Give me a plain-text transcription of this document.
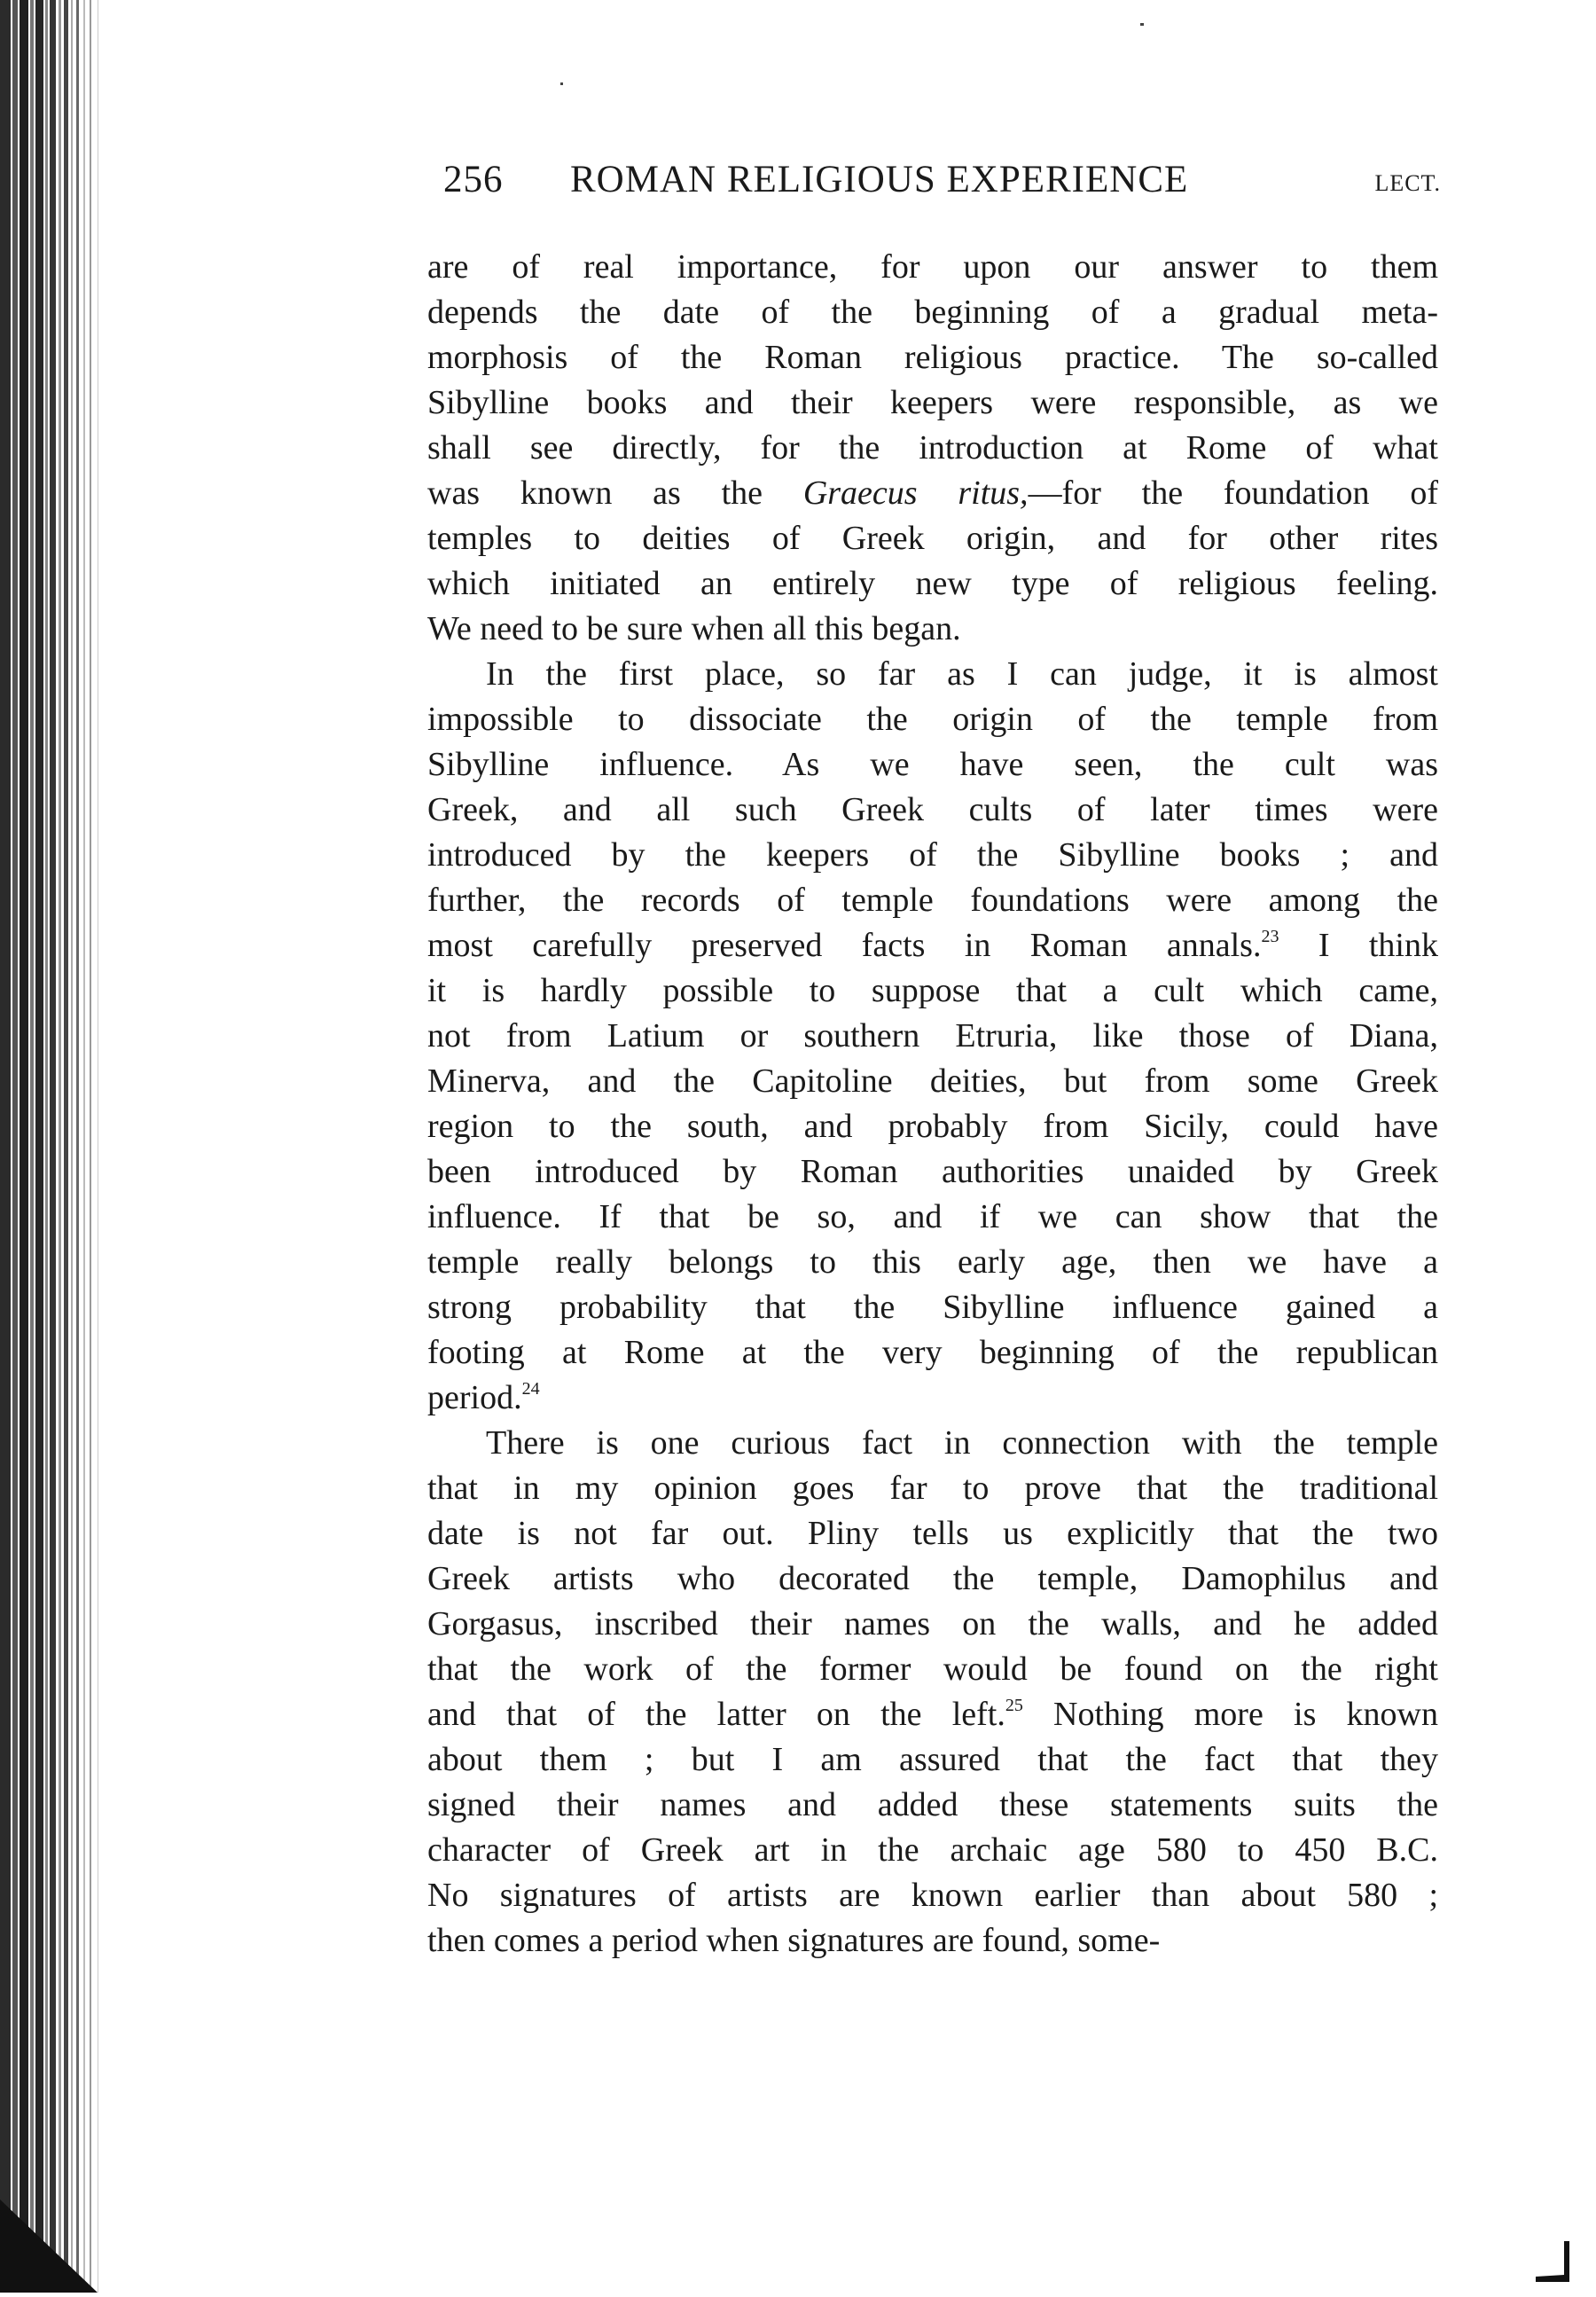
256 ROMAN RELIGIOUS EXPERIENCE	LECT.
are of real importance, for upon our answer to them
depends the date of the beginning of a gradual meta-
morphosis of the Roman religious practice. The so-called
Sibylline books and their keepers were responsible, as we
shall see directly, for the introduction at Rome of what
was known as the Graecus ritus,—for the foundation of
temples to deities of Greek origin, and for other rites
which initiated an entirely new type of religious feeling.
We need to be sure when all this began.
In the first place, so far as I can judge, it is almost
impossible to dissociate the origin of the temple from
Sibylline influence. As we have seen, the cult was
Greek, and all such Greek cults of later times were
introduced by the keepers of the Sibylline books ; and
further, the records of temple foundations were among the
most carefully preserved facts in Roman annals.$^{23}$ I think
it is hardly possible to suppose that a cult which came,
not from Latium or southern Etruria, like those of Diana,
Minerva, and the Capitoline deities, but from some Greek
region to the south, and probably from Sicily, could have
been introduced by Roman authorities unaided by Greek
influence. If that be so, and if we can show that the
temple really belongs to this early age, then we have a
strong probability that the Sibylline influence gained a
footing at Rome at the very beginning of the republican
period.$^{24}$
There is one curious fact in connection with the temple
that in my opinion goes far to prove that the traditional
date is not far out. Pliny tells us explicitly that the two
Greek artists who decorated the temple, Damophilus and
Gorgasus, inscribed their names on the walls, and he added
that the work of the former would be found on the right
and that of the latter on the left.$^{25}$ Nothing more is known
about them ; but I am assured that the fact that they
signed their names and added these statements suits the
character of Greek art in the archaic age 580 to 450 B.C.
No signatures of artists are known earlier than about 580 ;
then comes a period when signatures are found, some-
